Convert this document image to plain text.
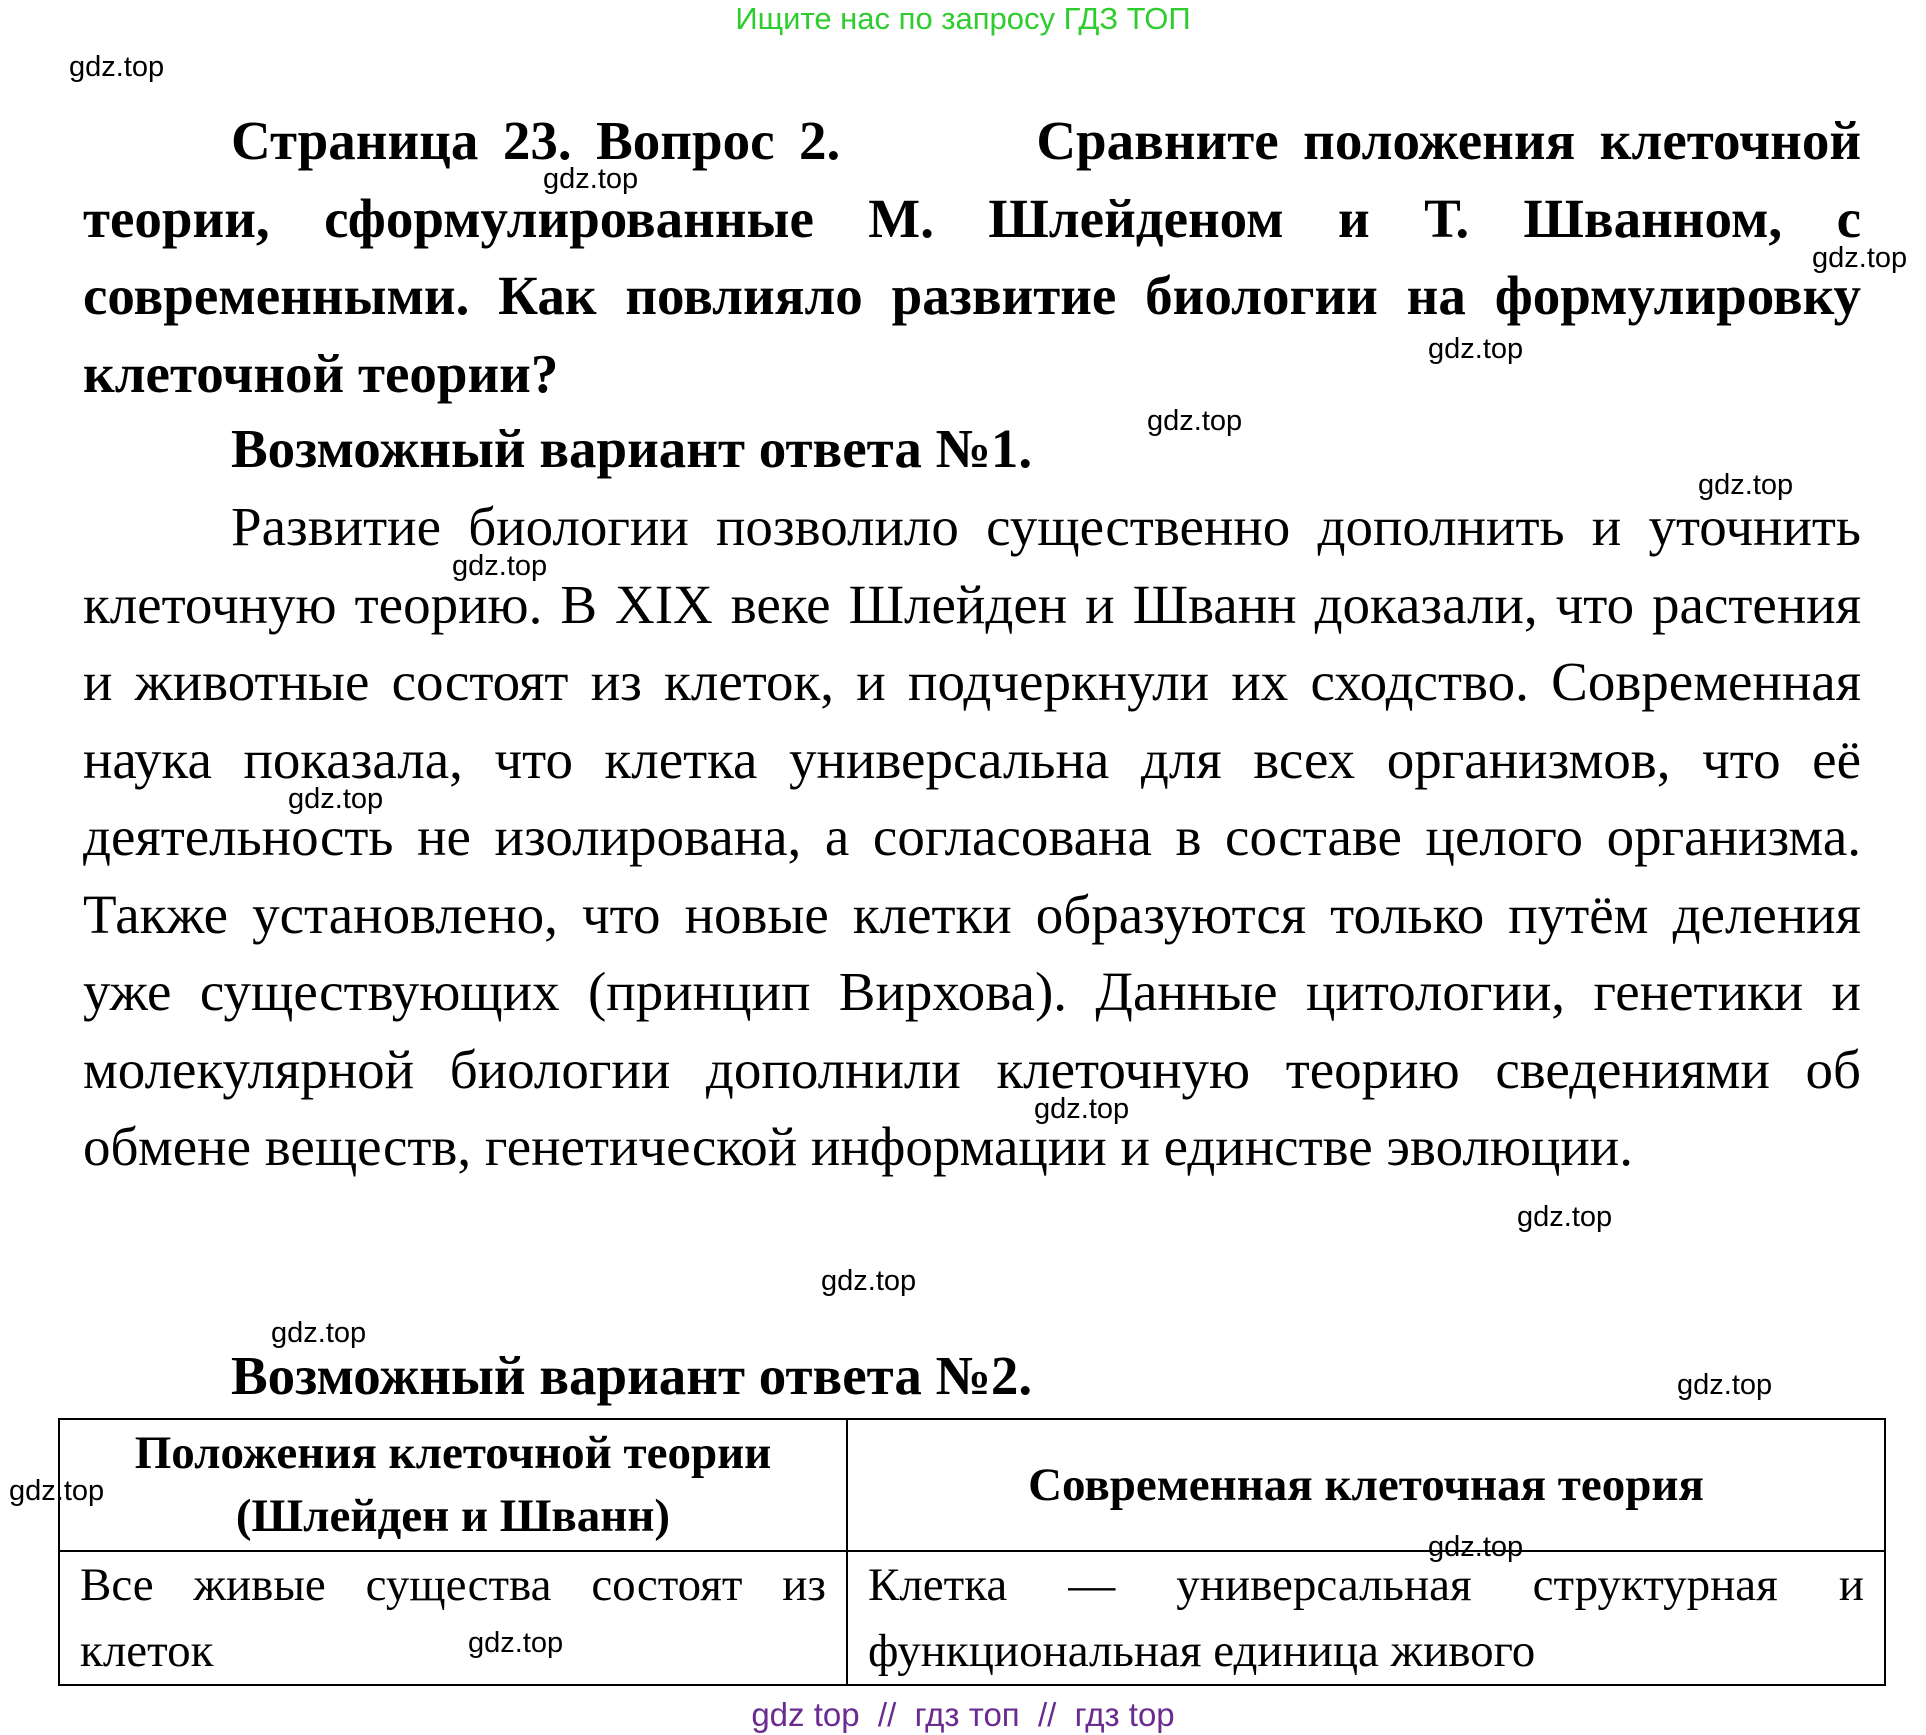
Ищите нас по запросу ГДЗ ТОП
gdz.top
gdz.top
gdz.top
gdz.top
gdz.top
gdz.top
gdz.top
gdz.top
gdz.top
gdz.top
gdz.top
gdz.top
gdz.top
gdz.top
gdz.top
gdz.top
Страница 23. Вопрос 2.	Сравните положения клеточной теории, сформулированные М. Шлейденом и Т. Шванном, с современными. Как повлияло развитие биологии на формулировку клеточной теории?
Возможный вариант ответа №1.
Развитие биологии позволило существенно дополнить и уточнить клеточную теорию. В XIX веке Шлейден и Шванн доказали, что растения и животные состоят из клеток, и подчеркнули их сходство. Современная наука показала, что клетка универсальна для всех организмов, что её деятельность не изолирована, а согласована в составе целого организма. Также установлено, что новые клетки образуются только путём деления уже существующих (принцип Вирхова). Данные цитологии, генетики и молекулярной биологии дополнили клеточную теорию сведениями об обмене веществ, генетической информации и единстве эволюции.
Возможный вариант ответа №2.
Положения клеточной теории
(Шлейден и Шванн)	Современная клеточная теория
Все живые существа состоят из клеток	Клетка — универсальная структурная и функциональная единица живого
gdz top  //  гдз топ  //  гдз top
